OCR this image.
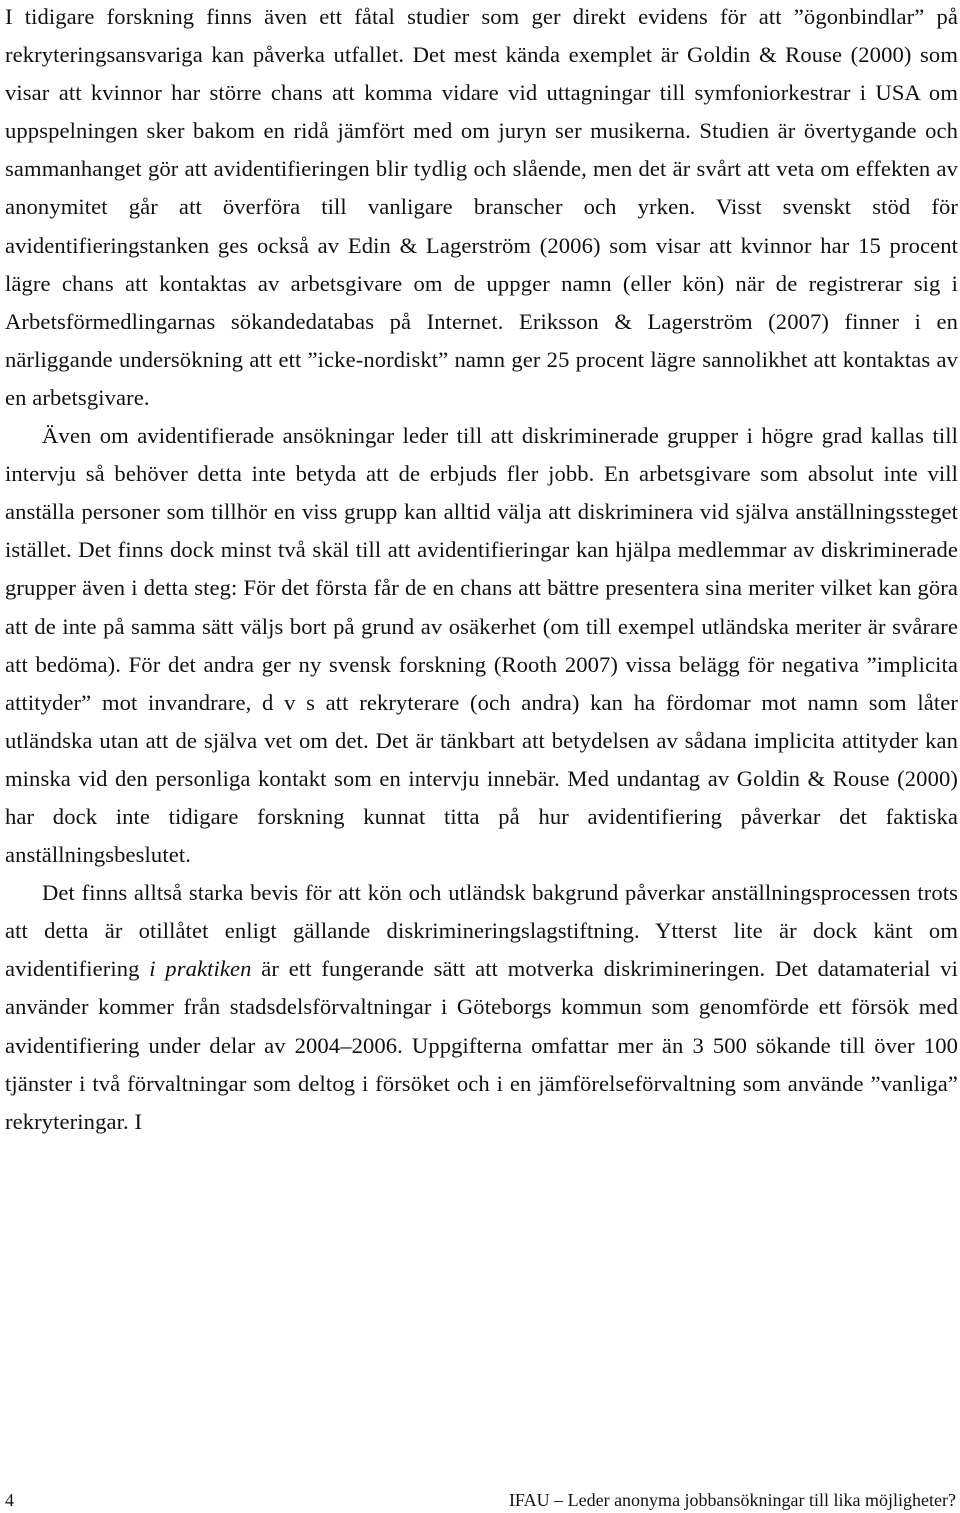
I tidigare forskning finns även ett fåtal studier som ger direkt evidens för att ”ögonbindlar” på rekryteringsansvariga kan påverka utfallet. Det mest kända exemplet är Goldin & Rouse (2000) som visar att kvinnor har större chans att komma vidare vid uttagningar till symfoniorkestrar i USA om uppspelningen sker bakom en ridå jämfört med om juryn ser musikerna. Studien är övertygande och sammanhanget gör att avidentifieringen blir tydlig och slående, men det är svårt att veta om effekten av anonymitet går att överföra till vanligare branscher och yrken. Visst svenskt stöd för avidentifieringstanken ges också av Edin & Lagerström (2006) som visar att kvinnor har 15 procent lägre chans att kontaktas av arbetsgivare om de uppger namn (eller kön) när de registrerar sig i Arbetsförmedlingarnas sökandedatabas på Internet. Eriksson & Lagerström (2007) finner i en närliggande undersökning att ett ”icke-nordiskt” namn ger 25 procent lägre sannolikhet att kontaktas av en arbetsgivare.

Även om avidentifierade ansökningar leder till att diskriminerade grupper i högre grad kallas till intervju så behöver detta inte betyda att de erbjuds fler jobb. En arbetsgivare som absolut inte vill anställa personer som tillhör en viss grupp kan alltid välja att diskriminera vid själva anställningssteget istället. Det finns dock minst två skäl till att avidentifieringar kan hjälpa medlemmar av diskriminerade grupper även i detta steg: För det första får de en chans att bättre presentera sina meriter vilket kan göra att de inte på samma sätt väljs bort på grund av osäkerhet (om till exempel utländska meriter är svårare att bedöma). För det andra ger ny svensk forskning (Rooth 2007) vissa belägg för negativa ”implicita attityder” mot invandrare, d v s att rekryterare (och andra) kan ha fördomar mot namn som låter utländska utan att de själva vet om det. Det är tänkbart att betydelsen av sådana implicita attityder kan minska vid den personliga kontakt som en intervju innebär. Med undantag av Goldin & Rouse (2000) har dock inte tidigare forskning kunnat titta på hur avidentifiering påverkar det faktiska anställningsbeslutet.

Det finns alltså starka bevis för att kön och utländsk bakgrund påverkar anställningsprocessen trots att detta är otillåtet enligt gällande diskrimineringslagstiftning. Ytterst lite är dock känt om avidentifiering i praktiken är ett fungerande sätt att motverka diskrimineringen. Det datamaterial vi använder kommer från stadsdelsförvaltningar i Göteborgs kommun som genomförde ett försök med avidentifiering under delar av 2004–2006. Uppgifterna omfattar mer än 3 500 sökande till över 100 tjänster i två förvaltningar som deltog i försöket och i en jämförelseförvaltning som använde ”vanliga” rekryteringar. I

4	IFAU – Leder anonyma jobbansökningar till lika möjligheter?
